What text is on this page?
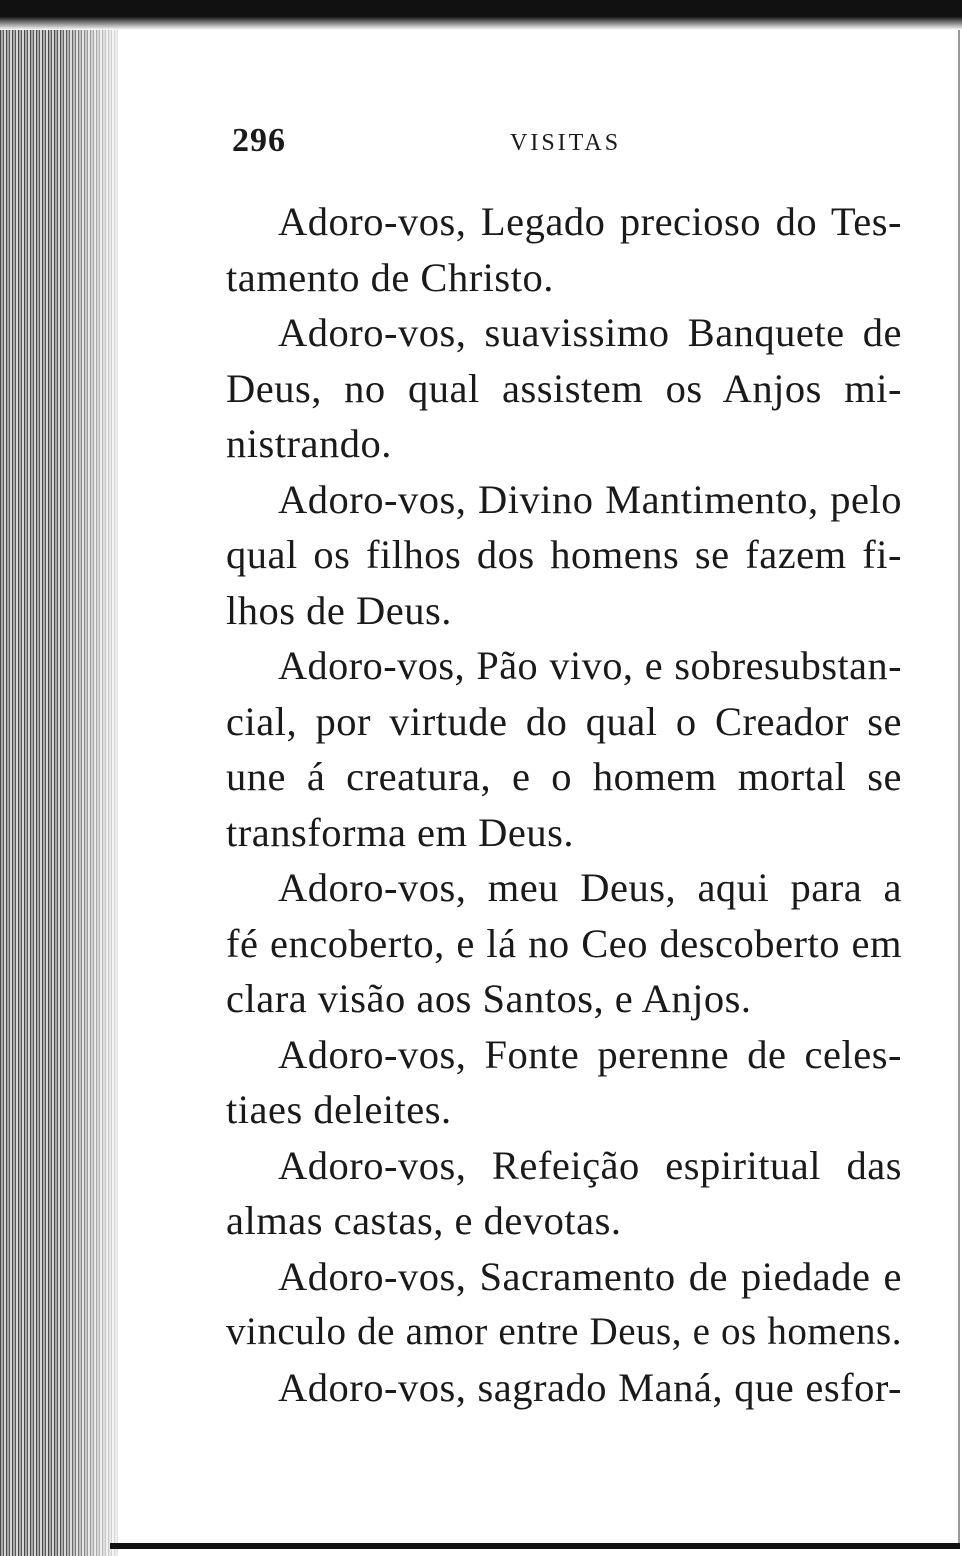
296	VISITAS

Adoro-vos, Legado precioso do Tes-
tamento de Christo.

Adoro-vos, suavissimo Banquete de
Deus, no qual assistem os Anjos mi-
nistrando.

Adoro-vos, Divino Mantimento, pelo
qual os filhos dos homens se fazem fi-
lhos de Deus.

Adoro-vos, Pão vivo, e sobresubstan-
cial, por virtude do qual o Creador se
une á creatura, e o homem mortal se
transforma em Deus.

Adoro-vos, meu Deus, aqui para a
fé encoberto, e lá no Ceo descoberto em
clara visão aos Santos, e Anjos.

Adoro-vos, Fonte perenne de celes-
tiaes deleites.

Adoro-vos, Refeição espiritual das
almas castas, e devotas.

Adoro-vos, Sacramento de piedade e
vinculo de amor entre Deus, e os homens.

Adoro-vos, sagrado Maná, que esfor-
